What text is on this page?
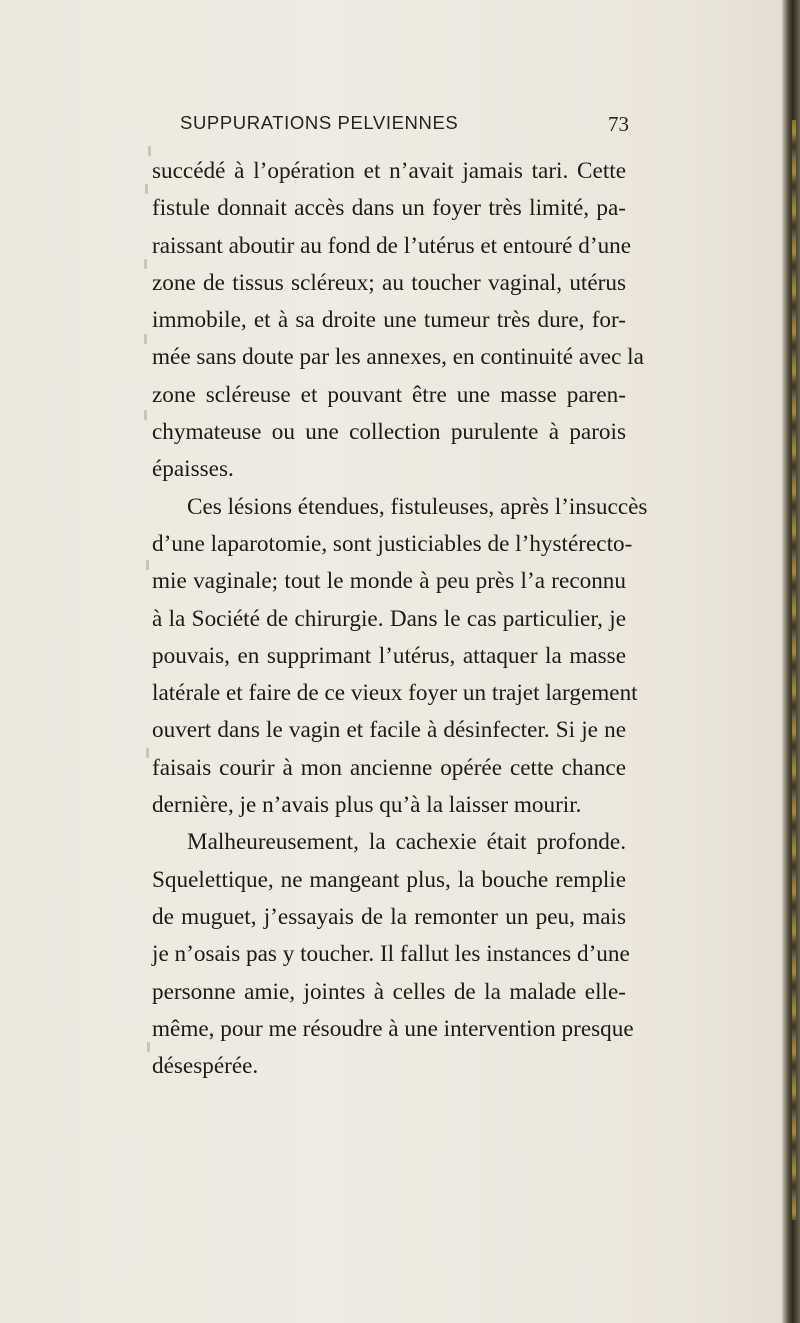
SUPPURATIONS PELVIENNES	73
succédé à l’opération et n’avait jamais tari. Cette
fistule donnait accès dans un foyer très limité, pa-
raissant aboutir au fond de l’utérus et entouré d’une
zone de tissus scléreux; au toucher vaginal, utérus
immobile, et à sa droite une tumeur très dure, for-
mée sans doute par les annexes, en continuité avec la
zone scléreuse et pouvant être une masse paren-
chymateuse ou une collection purulente à parois
épaisses.
Ces lésions étendues, fistuleuses, après l’insuccès
d’une laparotomie, sont justiciables de l’hystérecto-
mie vaginale; tout le monde à peu près l’a reconnu
à la Société de chirurgie. Dans le cas particulier, je
pouvais, en supprimant l’utérus, attaquer la masse
latérale et faire de ce vieux foyer un trajet largement
ouvert dans le vagin et facile à désinfecter. Si je ne
faisais courir à mon ancienne opérée cette chance
dernière, je n’avais plus qu’à la laisser mourir.
Malheureusement, la cachexie était profonde.
Squelettique, ne mangeant plus, la bouche remplie
de muguet, j’essayais de la remonter un peu, mais
je n’osais pas y toucher. Il fallut les instances d’une
personne amie, jointes à celles de la malade elle-
même, pour me résoudre à une intervention presque
désespérée.
